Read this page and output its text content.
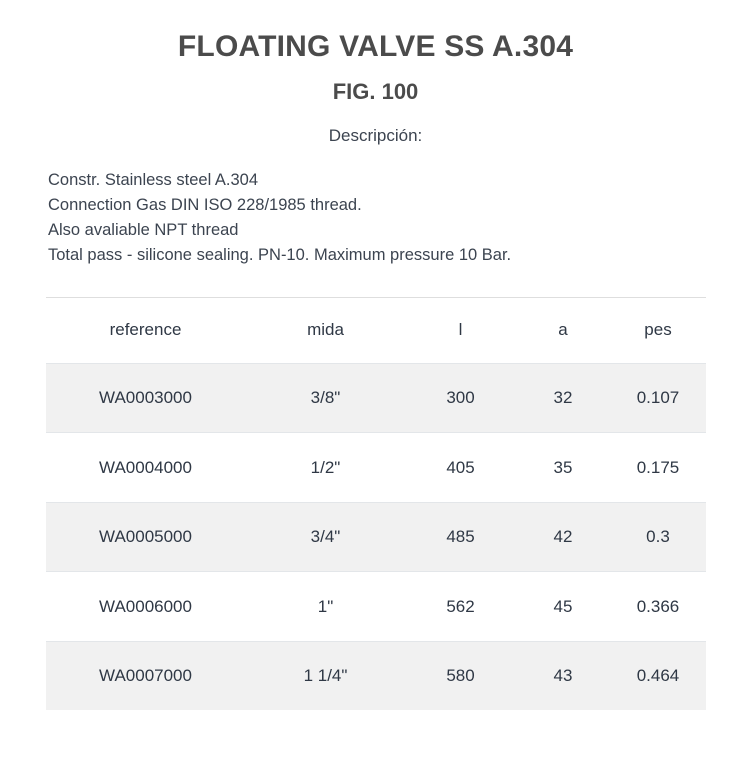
FLOATING VALVE SS A.304
FIG. 100
Descripción:
Constr. Stainless steel A.304
Connection Gas DIN ISO 228/1985 thread.
Also avaliable NPT thread
Total pass - silicone sealing. PN-10. Maximum pressure 10 Bar.
reference	mida	l	a	pes
WA0003000	3/8"	300	32	0.107
WA0004000	1/2"	405	35	0.175
WA0005000	3/4"	485	42	0.3
WA0006000	1"	562	45	0.366
WA0007000	1 1/4"	580	43	0.464
